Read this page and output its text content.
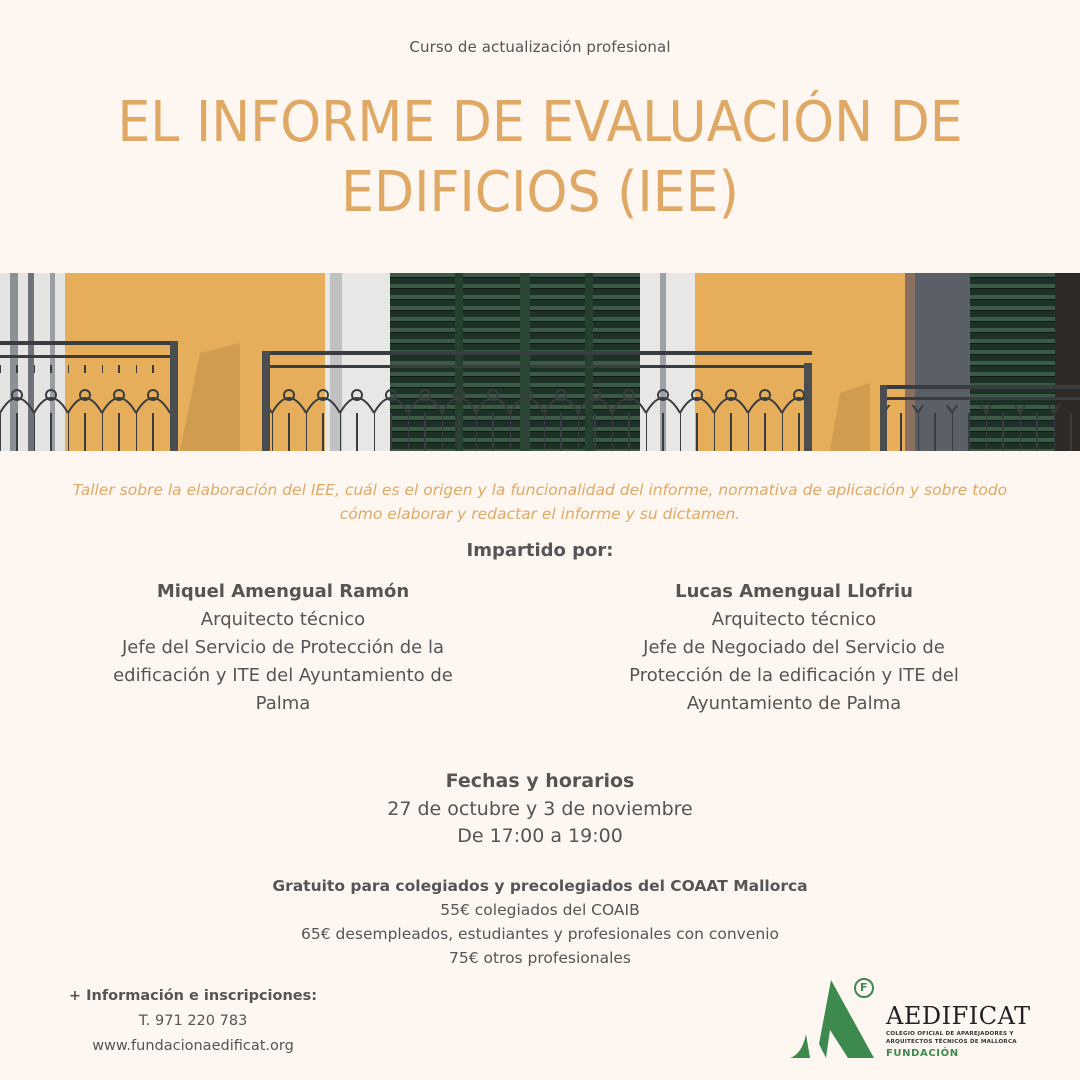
Curso de actualización profesional
EL INFORME DE EVALUACIÓN DE
EDIFICIOS (IEE)
Taller sobre la elaboración del IEE, cuál es el origen y la funcionalidad del informe, normativa de aplicación y sobre todo
cómo elaborar y redactar el informe y su dictamen.
Impartido por:
Miquel Amengual Ramón
Arquitecto técnico
Jefe del Servicio de Protección de la
edificación y ITE del Ayuntamiento de
Palma
Lucas Amengual Llofriu
Arquitecto técnico
Jefe de Negociado del Servicio de
Protección de la edificación y ITE del
Ayuntamiento de Palma
Fechas y horarios
27 de octubre y 3 de noviembre
De 17:00 a 19:00
Gratuito para colegiados y precolegiados del COAAT Mallorca
55€ colegiados del COAIB
65€ desempleados, estudiantes y profesionales con convenio
75€ otros profesionales
+ Información e inscripciones:
T. 971 220 783
www.fundacionaedificat.org
F
AEDIFICAT
COLEGIO OFICIAL DE APAREJADORES Y
ARQUITECTOS TÉCNICOS DE MALLORCA
FUNDACIÓN
